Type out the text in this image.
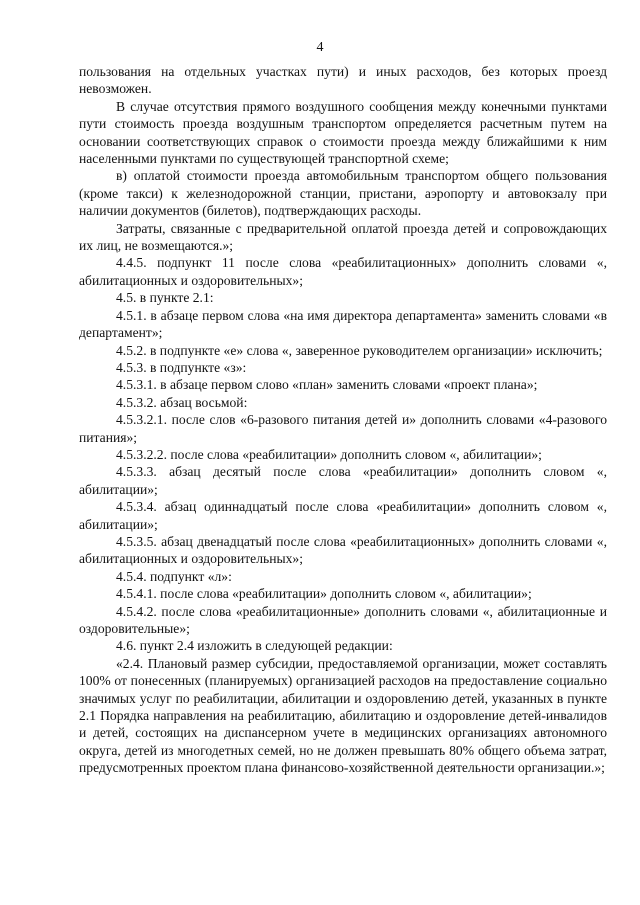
4

пользования на отдельных участках пути) и иных расходов, без которых проезд невозможен.

В случае отсутствия прямого воздушного сообщения между конечными пунктами пути стоимость проезда воздушным транспортом определяется расчетным путем на основании соответствующих справок о стоимости проезда между ближайшими к ним населенными пунктами по существующей транспортной схеме;

в) оплатой стоимости проезда автомобильным транспортом общего пользования (кроме такси) к железнодорожной станции, пристани, аэропорту и автовокзалу при наличии документов (билетов), подтверждающих расходы.

Затраты, связанные с предварительной оплатой проезда детей и сопровождающих их лиц, не возмещаются.»;

4.4.5. подпункт 11 после слова «реабилитационных» дополнить словами «, абилитационных и оздоровительных»;

4.5. в пункте 2.1:

4.5.1. в абзаце первом слова «на имя директора департамента» заменить словами «в департамент»;

4.5.2. в подпункте «е» слова «, заверенное руководителем организации» исключить;

4.5.3. в подпункте «з»:

4.5.3.1. в абзаце первом слово «план» заменить словами «проект плана»;

4.5.3.2. абзац восьмой:

4.5.3.2.1. после слов «6-разового питания детей и» дополнить словами «4-разового питания»;

4.5.3.2.2. после слова «реабилитации» дополнить словом «, абилитации»;

4.5.3.3. абзац десятый после слова «реабилитации» дополнить словом «, абилитации»;

4.5.3.4. абзац одиннадцатый после слова «реабилитации» дополнить словом «, абилитации»;

4.5.3.5. абзац двенадцатый после слова «реабилитационных» дополнить словами «, абилитационных и оздоровительных»;

4.5.4. подпункт «л»:

4.5.4.1. после слова «реабилитации» дополнить словом «, абилитации»;

4.5.4.2. после слова «реабилитационные» дополнить словами «, абилитационные и оздоровительные»;

4.6. пункт 2.4 изложить в следующей редакции:

«2.4. Плановый размер субсидии, предоставляемой организации, может составлять 100% от понесенных (планируемых) организацией расходов на предоставление социально значимых услуг по реабилитации, абилитации и оздоровлению детей, указанных в пункте 2.1 Порядка направления на реабилитацию, абилитацию и оздоровление детей-инвалидов и детей, состоящих на диспансерном учете в медицинских организациях автономного округа, детей из многодетных семей, но не должен превышать 80% общего объема затрат, предусмотренных проектом плана финансово-хозяйственной деятельности организации.»;
